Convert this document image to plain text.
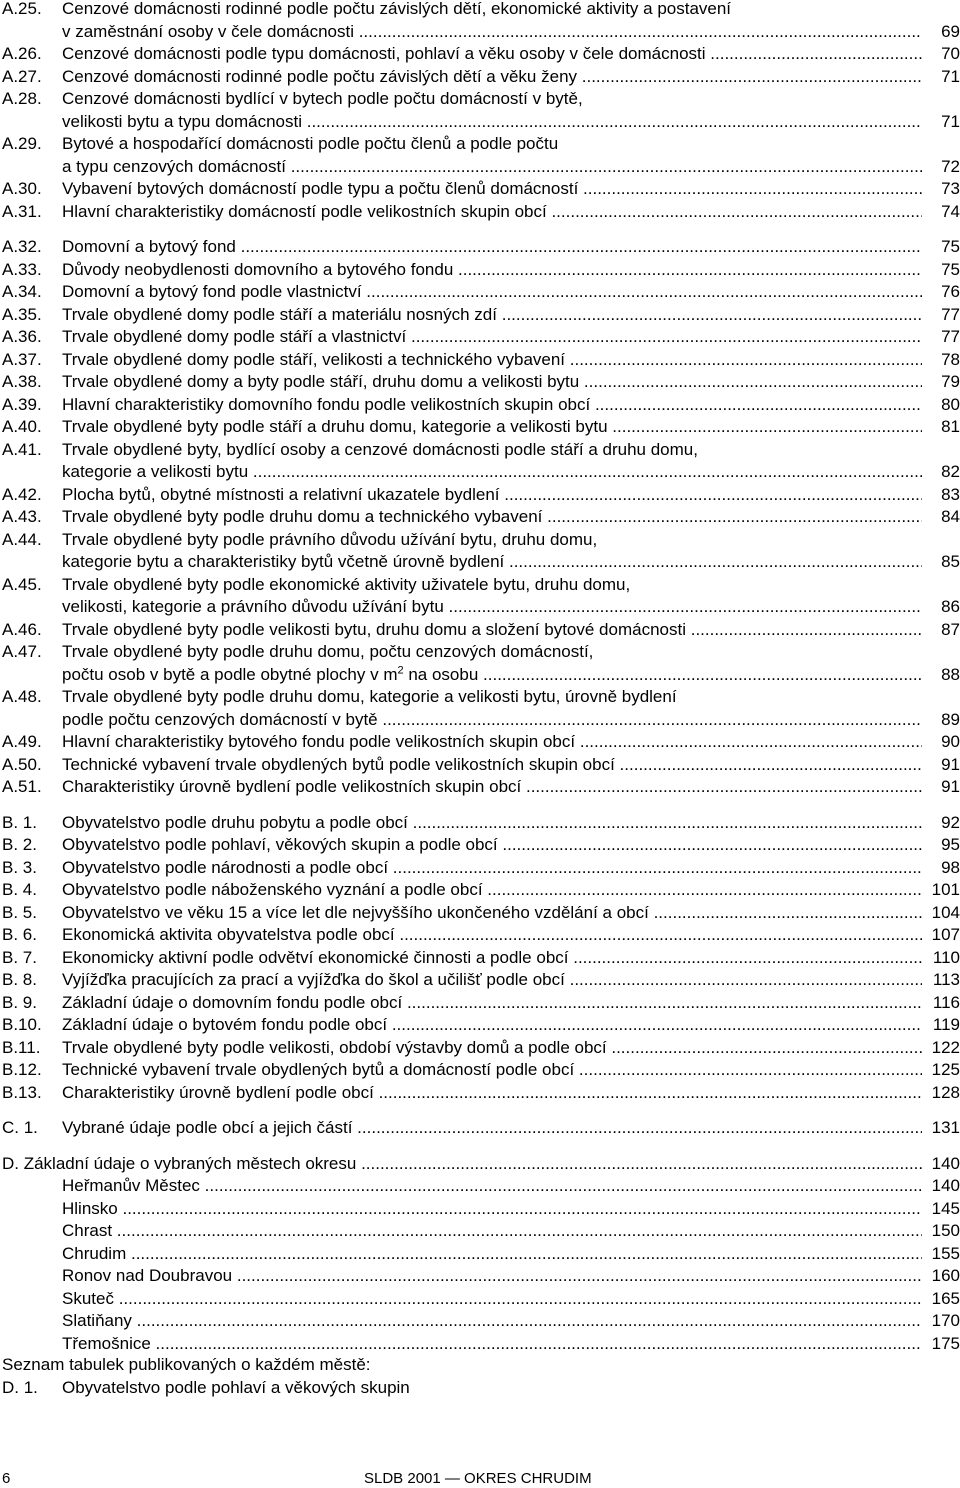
A.25. Cenzové domácnosti rodinné podle počtu závislých dětí, ekonomické aktivity a postavení
v zaměstnání osoby v čele domácnosti .....	69
A.26. Cenzové domácnosti podle typu domácnosti, pohlaví a věku osoby v čele domácnosti .....	70
A.27. Cenzové domácnosti rodinné podle počtu závislých dětí a věku ženy .....	71
A.28. Cenzové domácnosti bydlící v bytech podle počtu domácností v bytě,
velikosti bytu a typu domácnosti .....	71
A.29. Bytové a hospodařící domácnosti podle počtu členů a podle počtu
a typu cenzových domácností .....	72
A.30. Vybavení bytových domácností podle typu a počtu členů domácností .....	73
A.31. Hlavní charakteristiky domácností podle velikostních skupin obcí .....	74
A.32. Domovní a bytový fond .....	75
A.33. Důvody neobydlenosti domovního a bytového fondu .....	75
A.34. Domovní a bytový fond podle vlastnictví .....	76
A.35. Trvale obydlené domy podle stáří a materiálu nosných zdí .....	77
A.36. Trvale obydlené domy podle stáří a vlastnictví .....	77
A.37. Trvale obydlené domy podle stáří, velikosti a technického vybavení .....	78
A.38. Trvale obydlené domy a byty podle stáří, druhu domu a velikosti bytu .....	79
A.39. Hlavní charakteristiky domovního fondu podle velikostních skupin obcí .....	80
A.40. Trvale obydlené byty podle stáří a druhu domu, kategorie a velikosti bytu .....	81
A.41. Trvale obydlené byty, bydlící osoby a cenzové domácnosti podle stáří a druhu domu,
kategorie a velikosti bytu .....	82
A.42. Plocha bytů, obytné místnosti a relativní ukazatele bydlení .....	83
A.43. Trvale obydlené byty podle druhu domu a technického vybavení .....	84
A.44. Trvale obydlené byty podle právního důvodu užívání bytu, druhu domu,
kategorie bytu a charakteristiky bytů včetně úrovně bydlení .....	85
A.45. Trvale obydlené byty podle ekonomické aktivity uživatele bytu, druhu domu,
velikosti, kategorie a právního důvodu užívání bytu .....	86
A.46. Trvale obydlené byty podle velikosti bytu, druhu domu a složení bytové domácnosti .....	87
A.47. Trvale obydlené byty podle druhu domu, počtu cenzových domácností,
počtu osob v bytě a podle obytné plochy v $m^2$ na osobu .....	88
A.48. Trvale obydlené byty podle druhu domu, kategorie a velikosti bytu, úrovně bydlení
podle počtu cenzových domácností v bytě .....	89
A.49. Hlavní charakteristiky bytového fondu podle velikostních skupin obcí .....	90
A.50. Technické vybavení trvale obydlených bytů podle velikostních skupin obcí .....	91
A.51. Charakteristiky úrovně bydlení podle velikostních skupin obcí .....	91
B. 1. Obyvatelstvo podle druhu pobytu a podle obcí .....	92
B. 2. Obyvatelstvo podle pohlaví, věkových skupin a podle obcí .....	95
B. 3. Obyvatelstvo podle národnosti a podle obcí .....	98
B. 4. Obyvatelstvo podle náboženského vyznání a podle obcí .....	101
B. 5. Obyvatelstvo ve věku 15 a více let dle nejvyššího ukončeného vzdělání a obcí .....	104
B. 6. Ekonomická aktivita obyvatelstva podle obcí .....	107
B. 7. Ekonomicky aktivní podle odvětví ekonomické činnosti a podle obcí .....	110
B. 8. Vyjížďka pracujících za prací a vyjížďka do škol a učilišť podle obcí .....	113
B. 9. Základní údaje o domovním fondu podle obcí .....	116
B.10. Základní údaje o bytovém fondu podle obcí .....	119
B.11. Trvale obydlené byty podle velikosti, období výstavby domů a podle obcí .....	122
B.12. Technické vybavení trvale obydlených bytů a domácností podle obcí .....	125
B.13. Charakteristiky úrovně bydlení podle obcí .....	128
C. 1. Vybrané údaje podle obcí a jejich částí .....	131
D. Základní údaje o vybraných městech okresu .....	140
Heřmanův Městec .....	140
Hlinsko .....	145
Chrast .....	150
Chrudim .....	155
Ronov nad Doubravou .....	160
Skuteč .....	165
Slatiňany .....	170
Třemošnice .....	175
Seznam tabulek publikovaných o každém městě:
D. 1. Obyvatelstvo podle pohlaví a věkových skupin
6	SLDB 2001 — OKRES CHRUDIM
